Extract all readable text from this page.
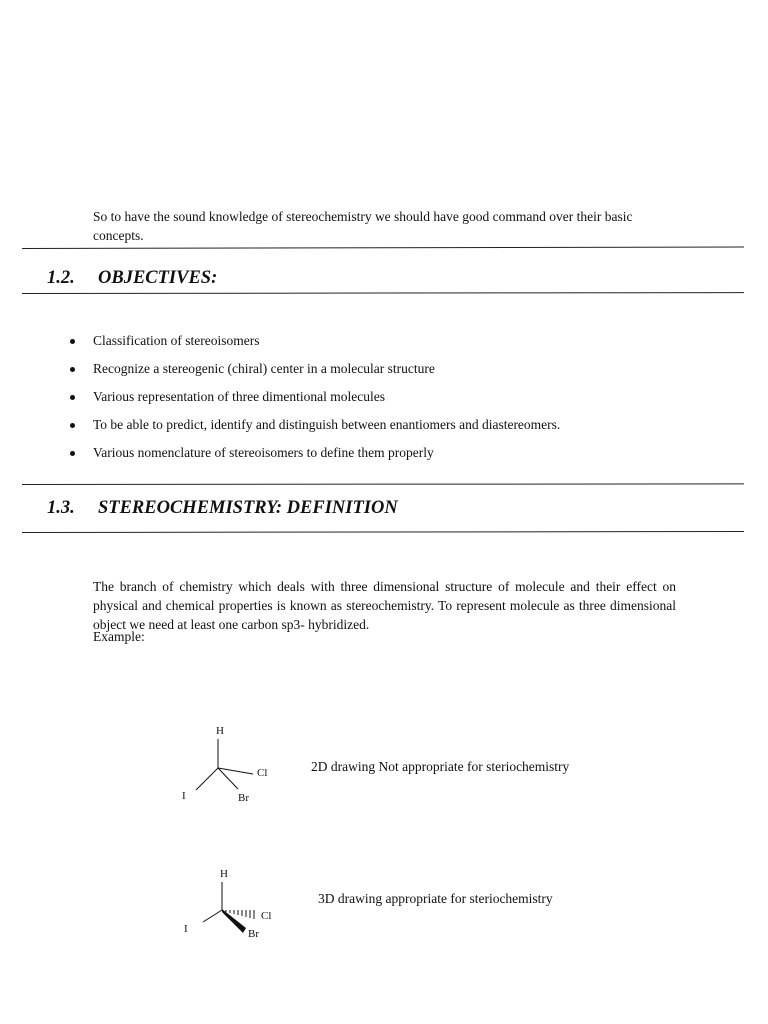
So to have the sound knowledge of stereochemistry we should have good command over their basic concepts.

1.2. OBJECTIVES:
Classification of stereoisomers
Recognize a stereogenic (chiral) center in a molecular structure
Various representation of three dimentional molecules
To be able to predict, identify and distinguish between enantiomers and diastereomers.
Various nomenclature of stereoisomers to define them properly
1.3. STEREOCHEMISTRY: DEFINITION

The branch of chemistry which deals with three dimensional structure of molecule and their effect on physical and chemical properties is known as stereochemistry. To represent molecule as three dimensional object we need at least one carbon sp3- hybridized.

Example:
H
Cl
I	Br
2D drawing Not appropriate for steriochemistry
H
Cl
I	Br
3D drawing appropriate for steriochemistry
